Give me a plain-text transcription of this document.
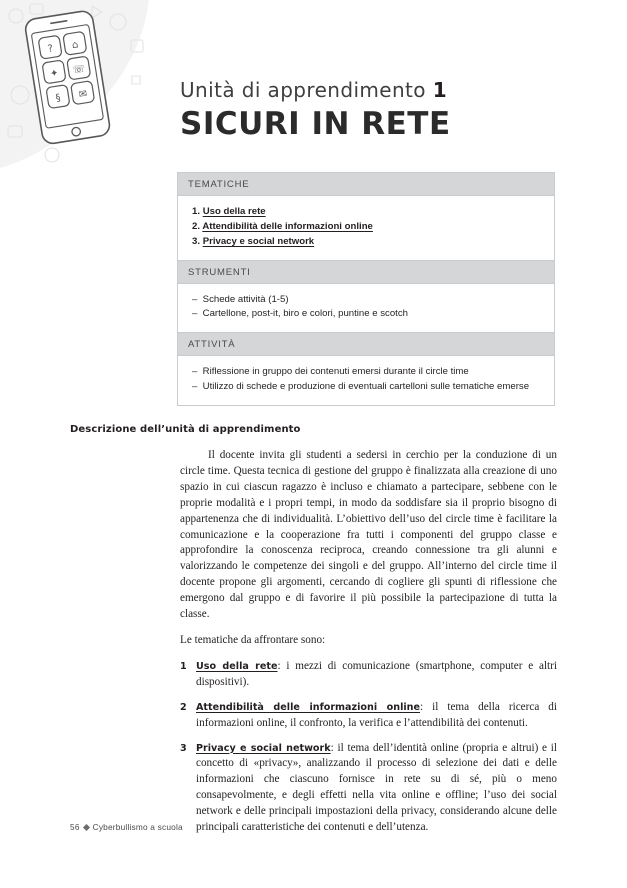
? ⌂
✦ ☏
§ ✉	Unità di apprendimento 1
SICURI IN RETE
TEMATICHE
1. Uso della rete
2. Attendibilità delle informazioni online
3. Privacy e social network
STRUMENTI
–  Schede attività (1-5)
–  Cartellone, post-it, biro e colori, puntine e scotch
ATTIVITÀ
–  Riflessione in gruppo dei contenuti emersi durante il circle time
–  Utilizzo di schede e produzione di eventuali cartelloni sulle tematiche emerse
Descrizione dell’unità di apprendimento

Il docente invita gli studenti a sedersi in cerchio per la conduzione di un circle time. Questa tecnica di gestione del gruppo è finalizzata alla creazione di uno spazio in cui ciascun ragazzo è incluso e chiamato a partecipare, sebbene con le proprie modalità e i propri tempi, in modo da soddisfare sia il proprio bisogno di appartenenza che di individualità. L’obiettivo dell’uso del circle time è facilitare la comunicazione e la cooperazione fra tutti i componenti del gruppo classe e approfondire la conoscenza reciproca, creando connessione tra gli alunni e valorizzando le competenze dei singoli e del gruppo. All’interno del circle time il docente propone gli argomenti, cercando di cogliere gli spunti di riflessione che emergono dal gruppo e di favorire il più possibile la partecipazione di tutta la classe.

Le tematiche da affrontare sono:

1 Uso della rete: i mezzi di comunicazione (smartphone, computer e altri dispositivi).
2 Attendibilità delle informazioni online: il tema della ricerca di informazioni online, il confronto, la verifica e l’attendibilità dei contenuti.
3 Privacy e social network: il tema dell’identità online (propria e altrui) e il concetto di «privacy», analizzando il processo di selezione dei dati e delle informazioni che ciascuno fornisce in rete su di sé, più o meno consapevolmente, e degli effetti nella vita online e offline; l’uso dei social network e delle principali impostazioni della privacy, considerando alcune delle principali caratteristiche dei contenuti e dell’utenza.
56 Cyberbullismo a scuola
